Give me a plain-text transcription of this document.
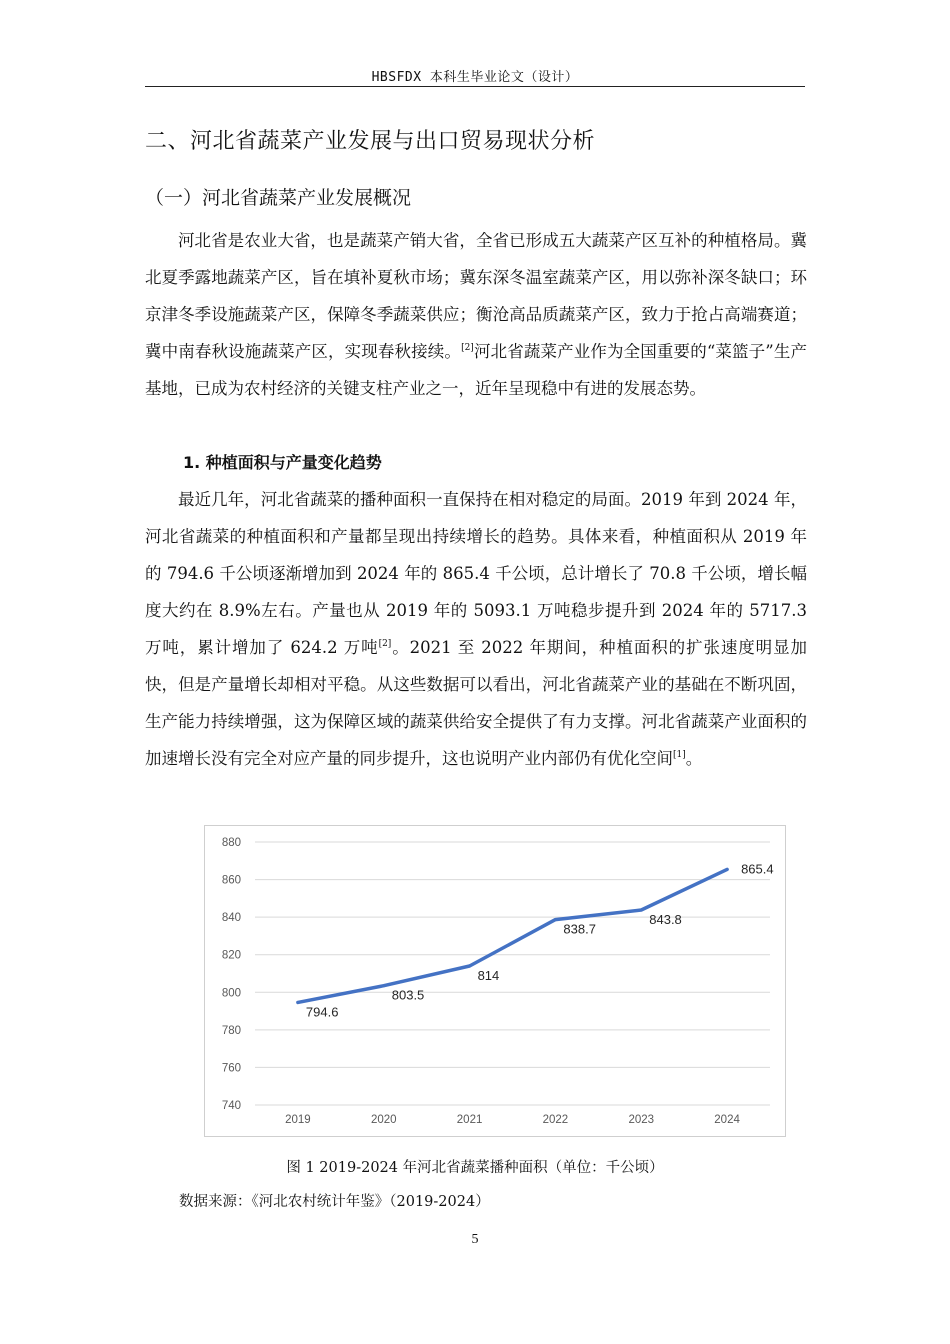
HBSFDX 本科生毕业论文（设计）
二、河北省蔬菜产业发展与出口贸易现状分析
（一）河北省蔬菜产业发展概况

河北省是农业大省，也是蔬菜产销大省，全省已形成五大蔬菜产区互补的种植格局。冀北夏季露地蔬菜产区，旨在填补夏秋市场；冀东深冬温室蔬菜产区，用以弥补深冬缺口；环京津冬季设施蔬菜产区，保障冬季蔬菜供应；衡沧高品质蔬菜产区，致力于抢占高端赛道；冀中南春秋设施蔬菜产区，实现春秋接续。[2]河北省蔬菜产业作为全国重要的“菜篮子”生产基地，已成为农村经济的关键支柱产业之一，近年呈现稳中有进的发展态势。

1. 种植面积与产量变化趋势

最近几年，河北省蔬菜的播种面积一直保持在相对稳定的局面。2019 年到 2024 年，河北省蔬菜的种植面积和产量都呈现出持续增长的趋势。具体来看，种植面积从 2019 年的 794.6 千公顷逐渐增加到 2024 年的 865.4 千公顷，总计增长了 70.8 千公顷，增长幅度大约在 8.9%左右。产量也从 2019 年的 5093.1 万吨稳步提升到 2024 年的 5717.3 万吨，累计增加了 624.2 万吨[2]。2021 至 2022 年期间，种植面积的扩张速度明显加快，但是产量增长却相对平稳。从这些数据可以看出，河北省蔬菜产业的基础在不断巩固，生产能力持续增强，这为保障区域的蔬菜供给安全提供了有力支撑。河北省蔬菜产业面积的加速增长没有完全对应产量的同步提升，这也说明产业内部仍有优化空间[1]。

740
760
780
800
820
840
860
880
2019	2020	2021	2022	2023	2024
794.6
803.5
814
838.7
843.8
865.4
图 1 2019-2024 年河北省蔬菜播种面积（单位：千公顷）
数据来源：《河北农村统计年鉴》（2019-2024）
5
